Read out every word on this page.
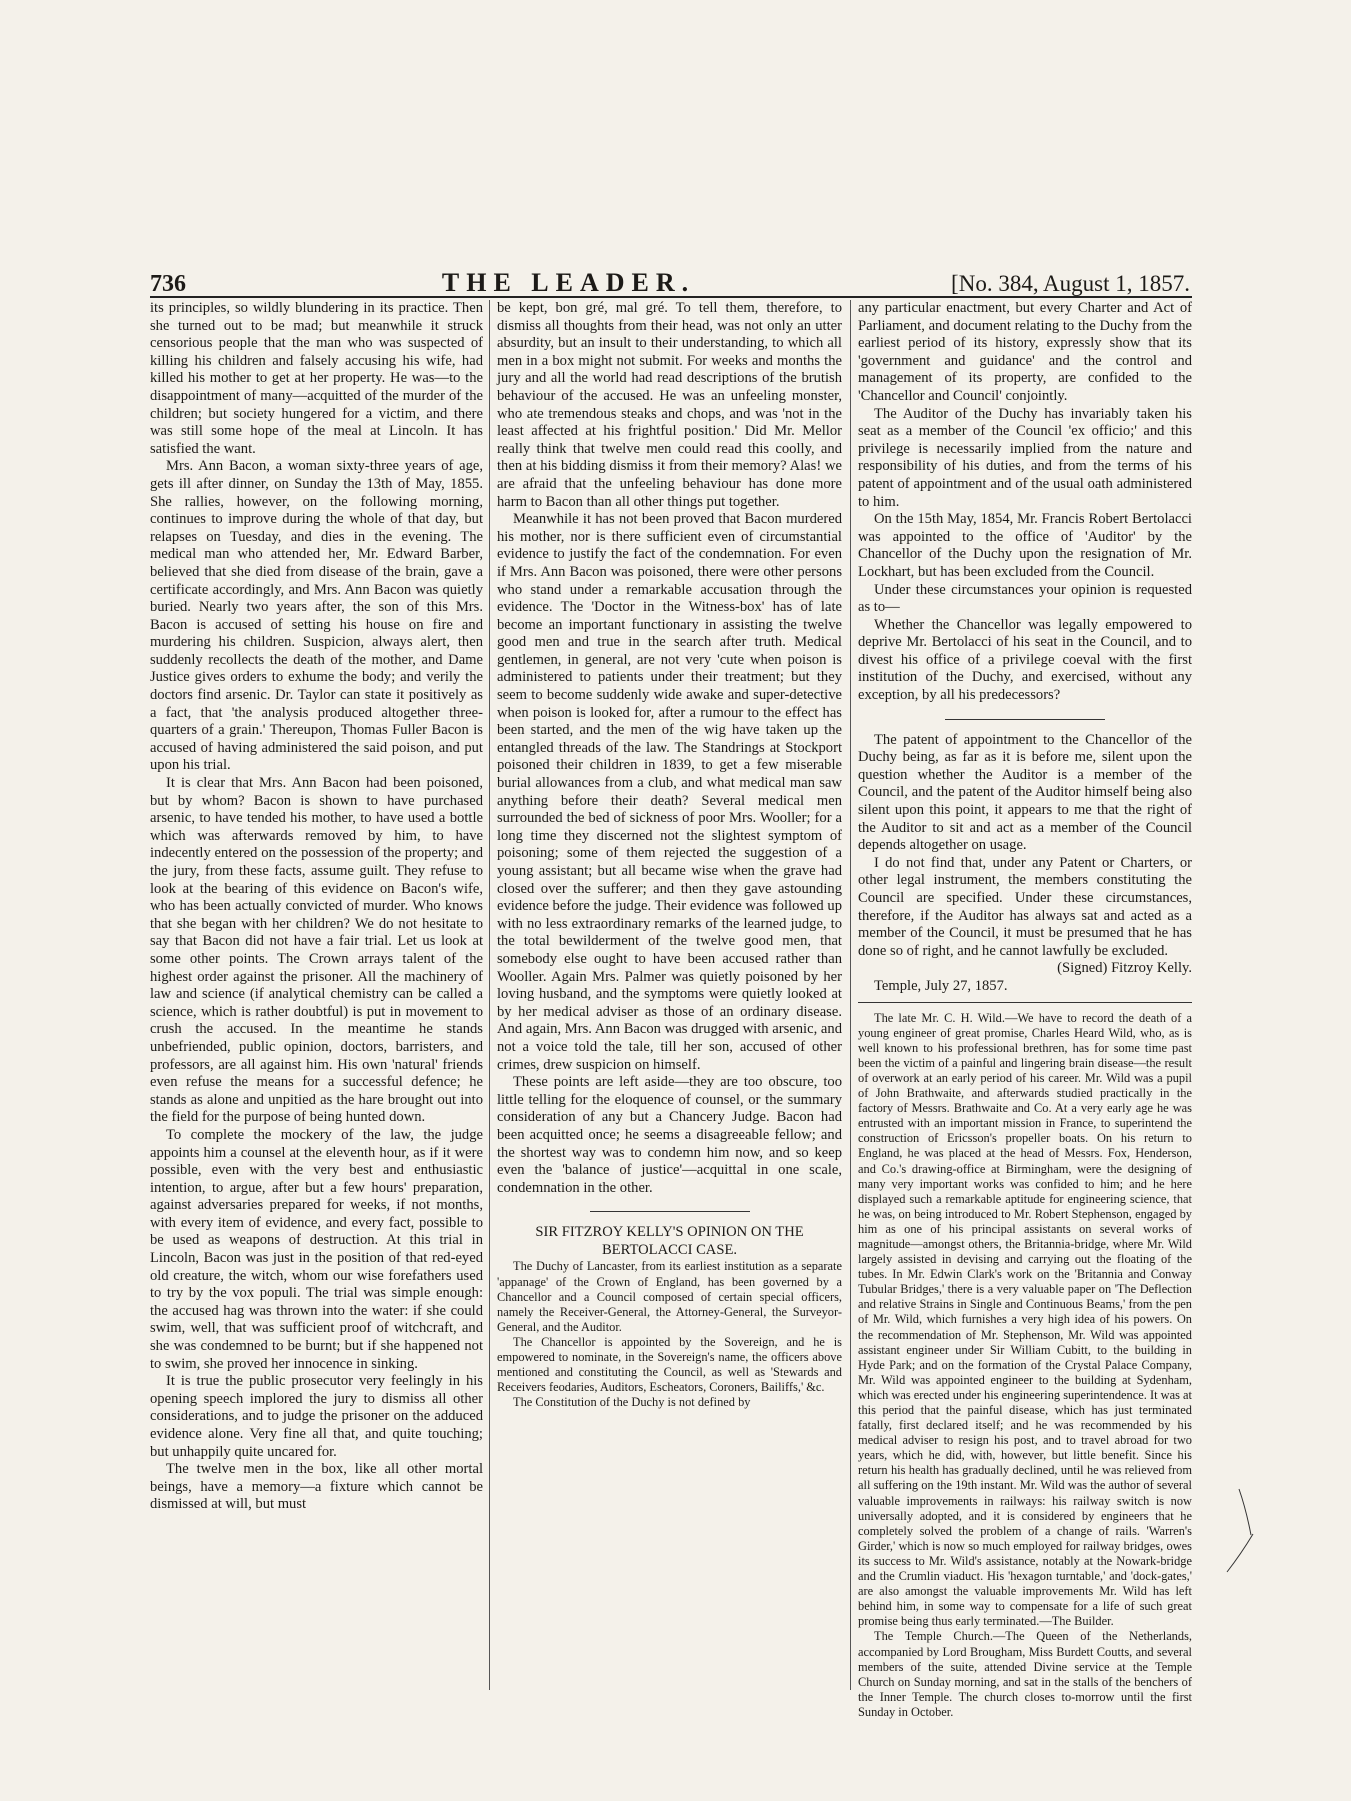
736	THE LEADER.	[No. 384, August 1, 1857.

its principles, so wildly blundering in its practice. Then she turned out to be mad; but meanwhile it struck censorious people that the man who was suspected of killing his children and falsely accusing his wife, had killed his mother to get at her property. He was—to the disappointment of many—acquitted of the murder of the children; but society hungered for a victim, and there was still some hope of the meal at Lincoln. It has satisfied the want.

Mrs. Ann Bacon, a woman sixty-three years of age, gets ill after dinner, on Sunday the 13th of May, 1855. She rallies, however, on the following morning, continues to improve during the whole of that day, but relapses on Tuesday, and dies in the evening. The medical man who attended her, Mr. Edward Barber, believed that she died from disease of the brain, gave a certificate accordingly, and Mrs. Ann Bacon was quietly buried. Nearly two years after, the son of this Mrs. Bacon is accused of setting his house on fire and murdering his children. Suspicion, always alert, then suddenly recollects the death of the mother, and Dame Justice gives orders to exhume the body; and verily the doctors find arsenic. Dr. Taylor can state it positively as a fact, that 'the analysis produced altogether three-quarters of a grain.' Thereupon, Thomas Fuller Bacon is accused of having administered the said poison, and put upon his trial.

It is clear that Mrs. Ann Bacon had been poisoned, but by whom? Bacon is shown to have purchased arsenic, to have tended his mother, to have used a bottle which was afterwards removed by him, to have indecently entered on the possession of the property; and the jury, from these facts, assume guilt. They refuse to look at the bearing of this evidence on Bacon's wife, who has been actually convicted of murder. Who knows that she began with her children? We do not hesitate to say that Bacon did not have a fair trial. Let us look at some other points. The Crown arrays talent of the highest order against the prisoner. All the machinery of law and science (if analytical chemistry can be called a science, which is rather doubtful) is put in movement to crush the accused. In the meantime he stands unbefriended, public opinion, doctors, barristers, and professors, are all against him. His own 'natural' friends even refuse the means for a successful defence; he stands as alone and unpitied as the hare brought out into the field for the purpose of being hunted down.

To complete the mockery of the law, the judge appoints him a counsel at the eleventh hour, as if it were possible, even with the very best and enthusiastic intention, to argue, after but a few hours' preparation, against adversaries prepared for weeks, if not months, with every item of evidence, and every fact, possible to be used as weapons of destruction. At this trial in Lincoln, Bacon was just in the position of that red-eyed old creature, the witch, whom our wise forefathers used to try by the vox populi. The trial was simple enough: the accused hag was thrown into the water: if she could swim, well, that was sufficient proof of witchcraft, and she was condemned to be burnt; but if she happened not to swim, she proved her innocence in sinking.

It is true the public prosecutor very feelingly in his opening speech implored the jury to dismiss all other considerations, and to judge the prisoner on the adduced evidence alone. Very fine all that, and quite touching; but unhappily quite uncared for.

The twelve men in the box, like all other mortal beings, have a memory—a fixture which cannot be dismissed at will, but must

be kept, bon gré, mal gré. To tell them, therefore, to dismiss all thoughts from their head, was not only an utter absurdity, but an insult to their understanding, to which all men in a box might not submit. For weeks and months the jury and all the world had read descriptions of the brutish behaviour of the accused. He was an unfeeling monster, who ate tremendous steaks and chops, and was 'not in the least affected at his frightful position.' Did Mr. Mellor really think that twelve men could read this coolly, and then at his bidding dismiss it from their memory? Alas! we are afraid that the unfeeling behaviour has done more harm to Bacon than all other things put together.

Meanwhile it has not been proved that Bacon murdered his mother, nor is there sufficient even of circumstantial evidence to justify the fact of the condemnation. For even if Mrs. Ann Bacon was poisoned, there were other persons who stand under a remarkable accusation through the evidence. The 'Doctor in the Witness-box' has of late become an important functionary in assisting the twelve good men and true in the search after truth. Medical gentlemen, in general, are not very 'cute when poison is administered to patients under their treatment; but they seem to become suddenly wide awake and super-detective when poison is looked for, after a rumour to the effect has been started, and the men of the wig have taken up the entangled threads of the law. The Standrings at Stockport poisoned their children in 1839, to get a few miserable burial allowances from a club, and what medical man saw anything before their death? Several medical men surrounded the bed of sickness of poor Mrs. Wooller; for a long time they discerned not the slightest symptom of poisoning; some of them rejected the suggestion of a young assistant; but all became wise when the grave had closed over the sufferer; and then they gave astounding evidence before the judge. Their evidence was followed up with no less extraordinary remarks of the learned judge, to the total bewilderment of the twelve good men, that somebody else ought to have been accused rather than Wooller. Again Mrs. Palmer was quietly poisoned by her loving husband, and the symptoms were quietly looked at by her medical adviser as those of an ordinary disease. And again, Mrs. Ann Bacon was drugged with arsenic, and not a voice told the tale, till her son, accused of other crimes, drew suspicion on himself.

These points are left aside—they are too obscure, too little telling for the eloquence of counsel, or the summary consideration of any but a Chancery Judge. Bacon had been acquitted once; he seems a disagreeable fellow; and the shortest way was to condemn him now, and so keep even the 'balance of justice'—acquittal in one scale, condemnation in the other.

SIR FITZROY KELLY'S OPINION ON THE BERTOLACCI CASE.

The Duchy of Lancaster, from its earliest institution as a separate 'appanage' of the Crown of England, has been governed by a Chancellor and a Council composed of certain special officers, namely the Receiver-General, the Attorney-General, the Surveyor-General, and the Auditor.

The Chancellor is appointed by the Sovereign, and he is empowered to nominate, in the Sovereign's name, the officers above mentioned and constituting the Council, as well as 'Stewards and Receivers feodaries, Auditors, Escheators, Coroners, Bailiffs,' &c.

The Constitution of the Duchy is not defined by

any particular enactment, but every Charter and Act of Parliament, and document relating to the Duchy from the earliest period of its history, expressly show that its 'government and guidance' and the control and management of its property, are confided to the 'Chancellor and Council' conjointly.

The Auditor of the Duchy has invariably taken his seat as a member of the Council 'ex officio;' and this privilege is necessarily implied from the nature and responsibility of his duties, and from the terms of his patent of appointment and of the usual oath administered to him.

On the 15th May, 1854, Mr. Francis Robert Bertolacci was appointed to the office of 'Auditor' by the Chancellor of the Duchy upon the resignation of Mr. Lockhart, but has been excluded from the Council.

Under these circumstances your opinion is requested as to—

Whether the Chancellor was legally empowered to deprive Mr. Bertolacci of his seat in the Council, and to divest his office of a privilege coeval with the first institution of the Duchy, and exercised, without any exception, by all his predecessors?

The patent of appointment to the Chancellor of the Duchy being, as far as it is before me, silent upon the question whether the Auditor is a member of the Council, and the patent of the Auditor himself being also silent upon this point, it appears to me that the right of the Auditor to sit and act as a member of the Council depends altogether on usage.

I do not find that, under any Patent or Charters, or other legal instrument, the members constituting the Council are specified. Under these circumstances, therefore, if the Auditor has always sat and acted as a member of the Council, it must be presumed that he has done so of right, and he cannot lawfully be excluded.

(Signed) Fitzroy Kelly.

Temple, July 27, 1857.

The late Mr. C. H. Wild.—We have to record the death of a young engineer of great promise, Charles Heard Wild, who, as is well known to his professional brethren, has for some time past been the victim of a painful and lingering brain disease—the result of overwork at an early period of his career. Mr. Wild was a pupil of John Brathwaite, and afterwards studied practically in the factory of Messrs. Brathwaite and Co. At a very early age he was entrusted with an important mission in France, to superintend the construction of Ericsson's propeller boats. On his return to England, he was placed at the head of Messrs. Fox, Henderson, and Co.'s drawing-office at Birmingham, were the designing of many very important works was confided to him; and he here displayed such a remarkable aptitude for engineering science, that he was, on being introduced to Mr. Robert Stephenson, engaged by him as one of his principal assistants on several works of magnitude—amongst others, the Britannia-bridge, where Mr. Wild largely assisted in devising and carrying out the floating of the tubes. In Mr. Edwin Clark's work on the 'Britannia and Conway Tubular Bridges,' there is a very valuable paper on 'The Deflection and relative Strains in Single and Continuous Beams,' from the pen of Mr. Wild, which furnishes a very high idea of his powers. On the recommendation of Mr. Stephenson, Mr. Wild was appointed assistant engineer under Sir William Cubitt, to the building in Hyde Park; and on the formation of the Crystal Palace Company, Mr. Wild was appointed engineer to the building at Sydenham, which was erected under his engineering superintendence. It was at this period that the painful disease, which has just terminated fatally, first declared itself; and he was recommended by his medical adviser to resign his post, and to travel abroad for two years, which he did, with, however, but little benefit. Since his return his health has gradually declined, until he was relieved from all suffering on the 19th instant. Mr. Wild was the author of several valuable improvements in railways: his railway switch is now universally adopted, and it is considered by engineers that he completely solved the problem of a change of rails. 'Warren's Girder,' which is now so much employed for railway bridges, owes its success to Mr. Wild's assistance, notably at the Nowark-bridge and the Crumlin viaduct. His 'hexagon turntable,' and 'dock-gates,' are also amongst the valuable improvements Mr. Wild has left behind him, in some way to compensate for a life of such great promise being thus early terminated.—The Builder.

The Temple Church.—The Queen of the Netherlands, accompanied by Lord Brougham, Miss Burdett Coutts, and several members of the suite, attended Divine service at the Temple Church on Sunday morning, and sat in the stalls of the benchers of the Inner Temple. The church closes to-morrow until the first Sunday in October.
